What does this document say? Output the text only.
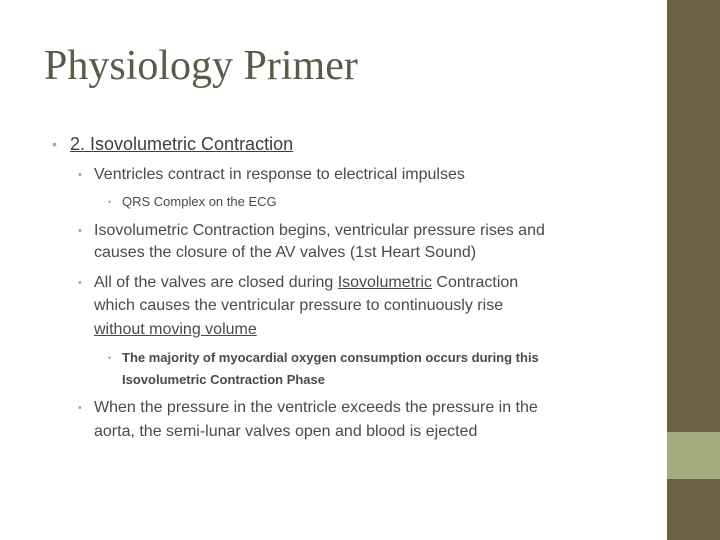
Physiology Primer
• 2. Isovolumetric Contraction
• Ventricles contract in response to electrical impulses
• QRS Complex on the ECG
• Isovolumetric Contraction begins, ventricular pressure rises and
causes the closure of the AV valves (1st Heart Sound)
• All of the valves are closed during Isovolumetric Contraction
which causes the ventricular pressure to continuously rise
without moving volume
• The majority of myocardial oxygen consumption occurs during this
Isovolumetric Contraction Phase
• When the pressure in the ventricle exceeds the pressure in the
aorta, the semi-lunar valves open and blood is ejected
